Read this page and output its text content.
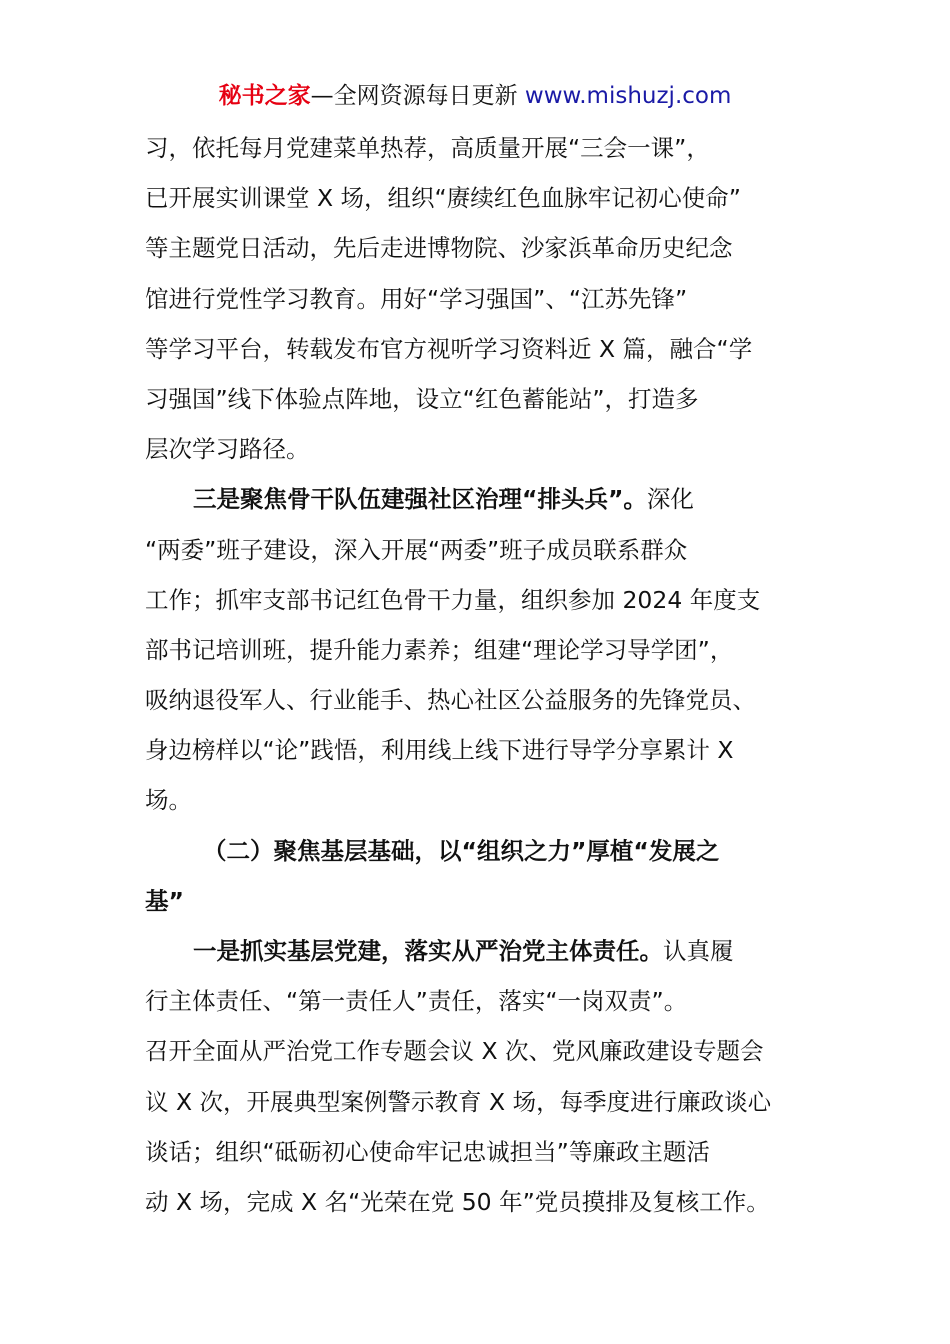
秘书之家—全网资源每日更新 www.mishuzj.com
习，依托每月党建菜单热荐，高质量开展“三会一课”，
已开展实训课堂 X 场，组织“赓续红色血脉牢记初心使命”
等主题党日活动，先后走进博物院、沙家浜革命历史纪念
馆进行党性学习教育。用好“学习强国”、“江苏先锋”
等学习平台，转载发布官方视听学习资料近 X 篇，融合“学
习强国”线下体验点阵地，设立“红色蓄能站”，打造多
层次学习路径。
三是聚焦骨干队伍建强社区治理“排头兵”。深化
“两委”班子建设，深入开展“两委”班子成员联系群众
工作；抓牢支部书记红色骨干力量，组织参加 2024 年度支
部书记培训班，提升能力素养；组建“理论学习导学团”，
吸纳退役军人、行业能手、热心社区公益服务的先锋党员、
身边榜样以“论”践悟，利用线上线下进行导学分享累计 X
场。
（二）聚焦基层基础，以“组织之力”厚植“发展之
基”
一是抓实基层党建，落实从严治党主体责任。认真履
行主体责任、“第一责任人”责任，落实“一岗双责”。
召开全面从严治党工作专题会议 X 次、党风廉政建设专题会
议 X 次，开展典型案例警示教育 X 场，每季度进行廉政谈心
谈话；组织“砥砺初心使命牢记忠诚担当”等廉政主题活
动 X 场，完成 X 名“光荣在党 50 年”党员摸排及复核工作。
